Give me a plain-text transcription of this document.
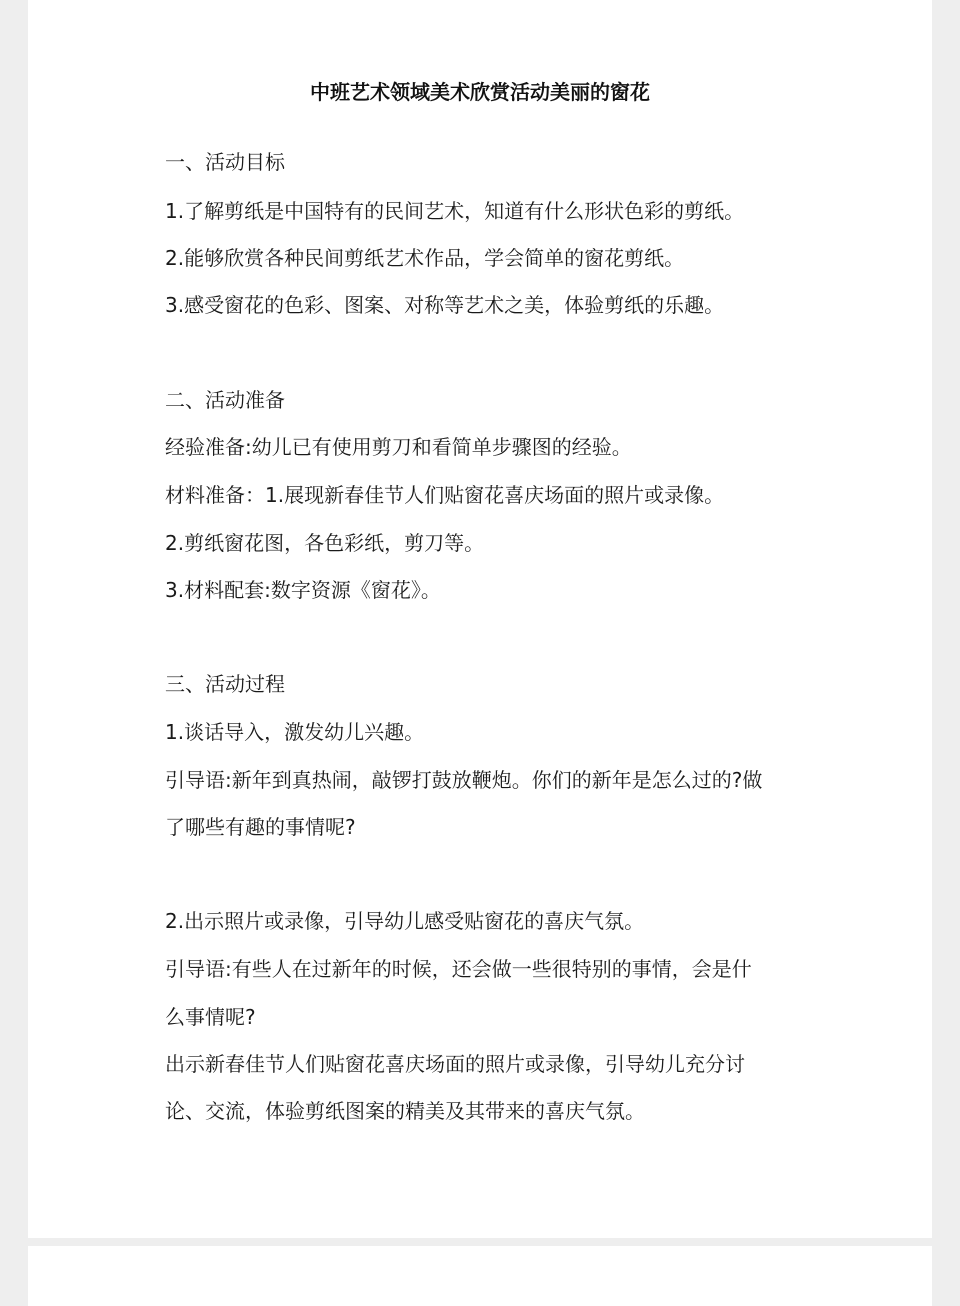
中班艺术领域美术欣赏活动美丽的窗花
一、活动目标
1.了解剪纸是中国特有的民间艺术，知道有什么形状色彩的剪纸。
2.能够欣赏各种民间剪纸艺术作品，学会简单的窗花剪纸。
3.感受窗花的色彩、图案、对称等艺术之美，体验剪纸的乐趣。
二、活动准备
经验准备:幼儿已有使用剪刀和看简单步骤图的经验。
材料准备：1.展现新春佳节人们贴窗花喜庆场面的照片或录像。
2.剪纸窗花图，各色彩纸，剪刀等。
3.材料配套:数字资源《窗花》。
三、活动过程
1.谈话导入，激发幼儿兴趣。
引导语:新年到真热闹，敲锣打鼓放鞭炮。你们的新年是怎么过的?做
了哪些有趣的事情呢?
2.出示照片或录像，引导幼儿感受贴窗花的喜庆气氛。
引导语:有些人在过新年的时候，还会做一些很特别的事情，会是什
么事情呢?
出示新春佳节人们贴窗花喜庆场面的照片或录像，引导幼儿充分讨
论、交流，体验剪纸图案的精美及其带来的喜庆气氛。
